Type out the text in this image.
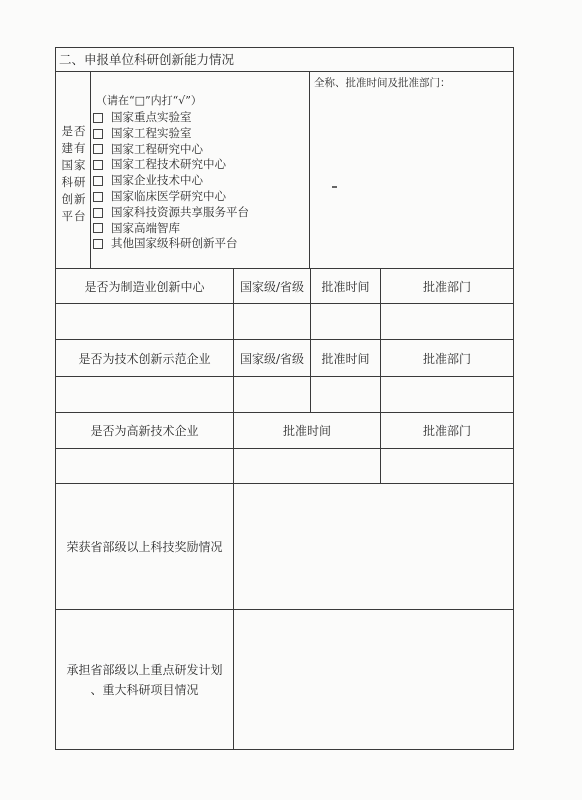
二、申报单位科研创新能力情况
是否建有国家科研创新平台
（请在“□”内打“√”）
国家重点实验室
国家工程实验室
国家工程研究中心
国家工程技术研究中心
国家企业技术中心
国家临床医学研究中心
国家科技资源共享服务平台
国家高端智库
其他国家级科研创新平台
全称、批准时间及批准部门：
是否为制造业创新中心	国家级/省级	批准时间	批准部门
是否为技术创新示范企业	国家级/省级	批准时间	批准部门
是否为高新技术企业	批准时间	批准部门
荣获省部级以上科技奖励情况
承担省部级以上重点研发计划
、重大科研项目情况
